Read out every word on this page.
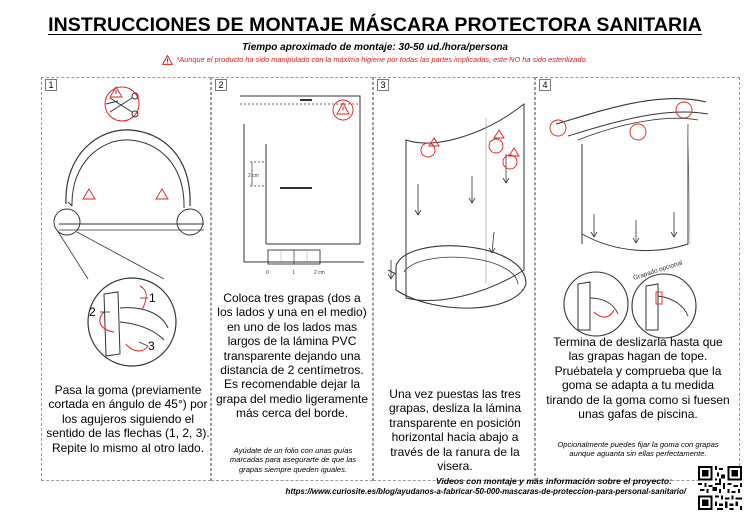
INSTRUCCIONES DE MONTAJE MÁSCARA PROTECTORA SANITARIA
Tiempo aproximado de montaje: 30-50 ud./hora/persona
*Aunque el producto ha sido manipulado con la máxima higiene por todas las partes implicadas, este NO ha sido esterilizado.
1
1
2
3
Pasa la goma (previamente cortada en ángulo de 45°) por los agujeros siguiendo el sentido de las flechas (1, 2, 3). Repite lo mismo al otro lado.
2
2 cm
0	1	2 cm
Coloca tres grapas (dos a los lados y una en el medio) en uno de los lados mas largos de la lámina PVC transparente dejando una distancia de 2 centímetros. Es recomendable dejar la grapa del medio ligeramente más cerca del borde.
Ayúdate de un folio con unas guías marcadas para asegurarte de que las grapas siempre queden iguales.
3
Una vez puestas las tres grapas, desliza la lámina transparente en posición horizontal hacia abajo a través de la ranura de la visera.
4
Grapado opcional
Termina de deslizarla hasta que las grapas hagan de tope. Pruébatela y comprueba que la goma se adapta a tu medida tirando de la goma como si fuesen unas gafas de piscina.
Opcionalmente puedes fijar la goma con grapas aunque aguanta sin ellas perfectamente.
Videos con montaje y más información sobre el proyecto:
https://www.curiosite.es/blog/ayudanos-a-fabricar-50-000-mascaras-de-proteccion-para-personal-sanitario/
